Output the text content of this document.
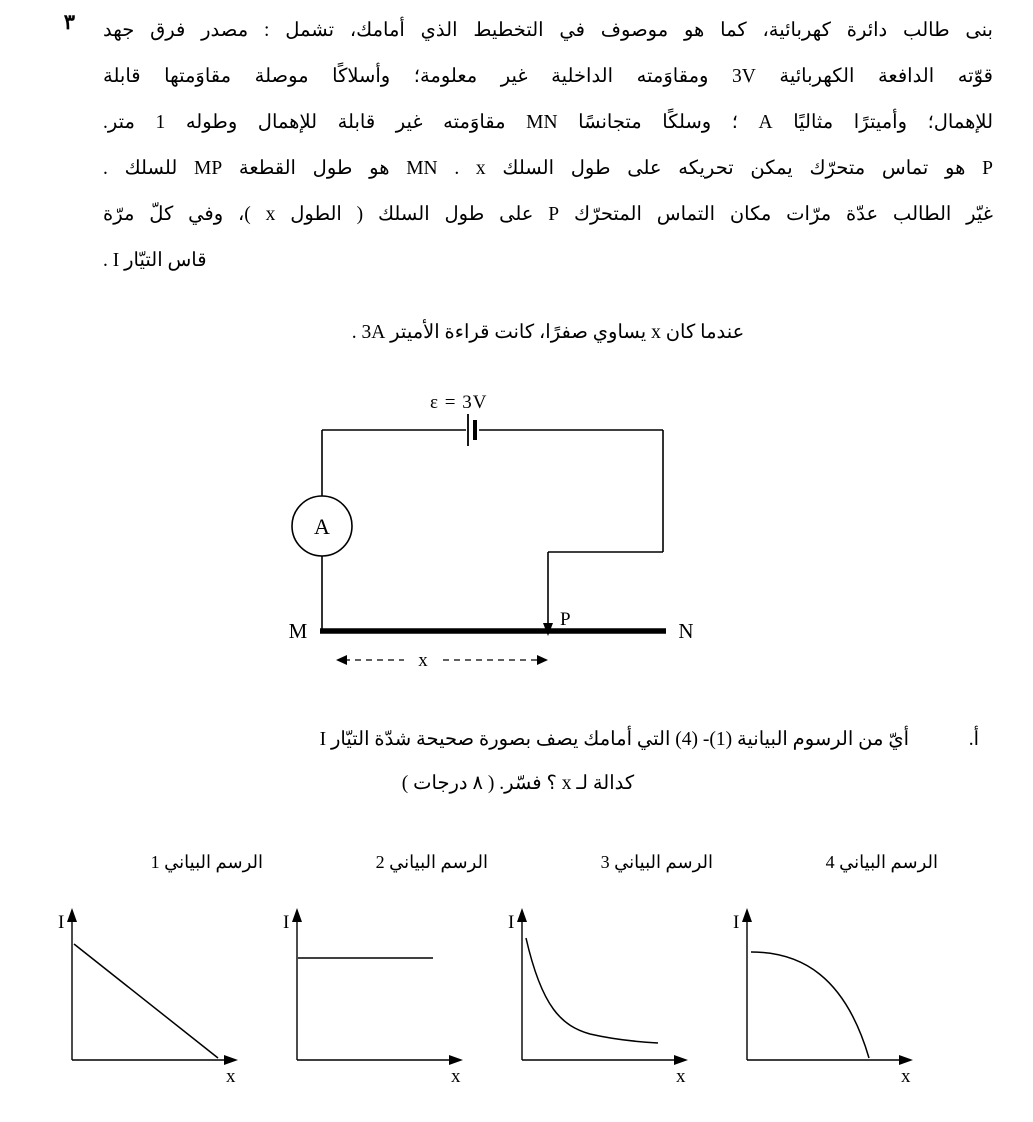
٣ بنى طالب دائرة كهربائية، كما هو موصوف في التخطيط الذي أمامك، تشمل : مصدر فرق جهد
قوّته الدافعة الكهربائية 3V ومقاوَمته الداخلية غير معلومة؛ وأسلاكًا موصلة مقاوَمتها قابلة
للإهمال؛ وأميترًا مثاليًا A ؛ وسلكًا متجانسًا MN مقاوَمته غير قابلة للإهمال وطوله 1 متر.
P هو تماس متحرّك يمكن تحريكه على طول السلك MN . x هو طول القطعة MP للسلك .
غيّر الطالب عدّة مرّات مكان التماس المتحرّك P على طول السلك ( الطول x )، وفي كلّ مرّة
قاس التيّار I .
عندما كان x يساوي صفرًا، كانت قراءة الأميتر 3A .
ε = 3V
A
M	N
P
x
أ.أيّ من الرسوم البيانية (1)- (4) التي أمامك يصف بصورة صحيحة شدّة التيّار I
كدالة لـ x ؟ فسّر. ( ٨ درجات )
الرسم البياني 1
I
x
الرسم البياني 2
I
x
الرسم البياني 3
I
x
الرسم البياني 4
I
x
